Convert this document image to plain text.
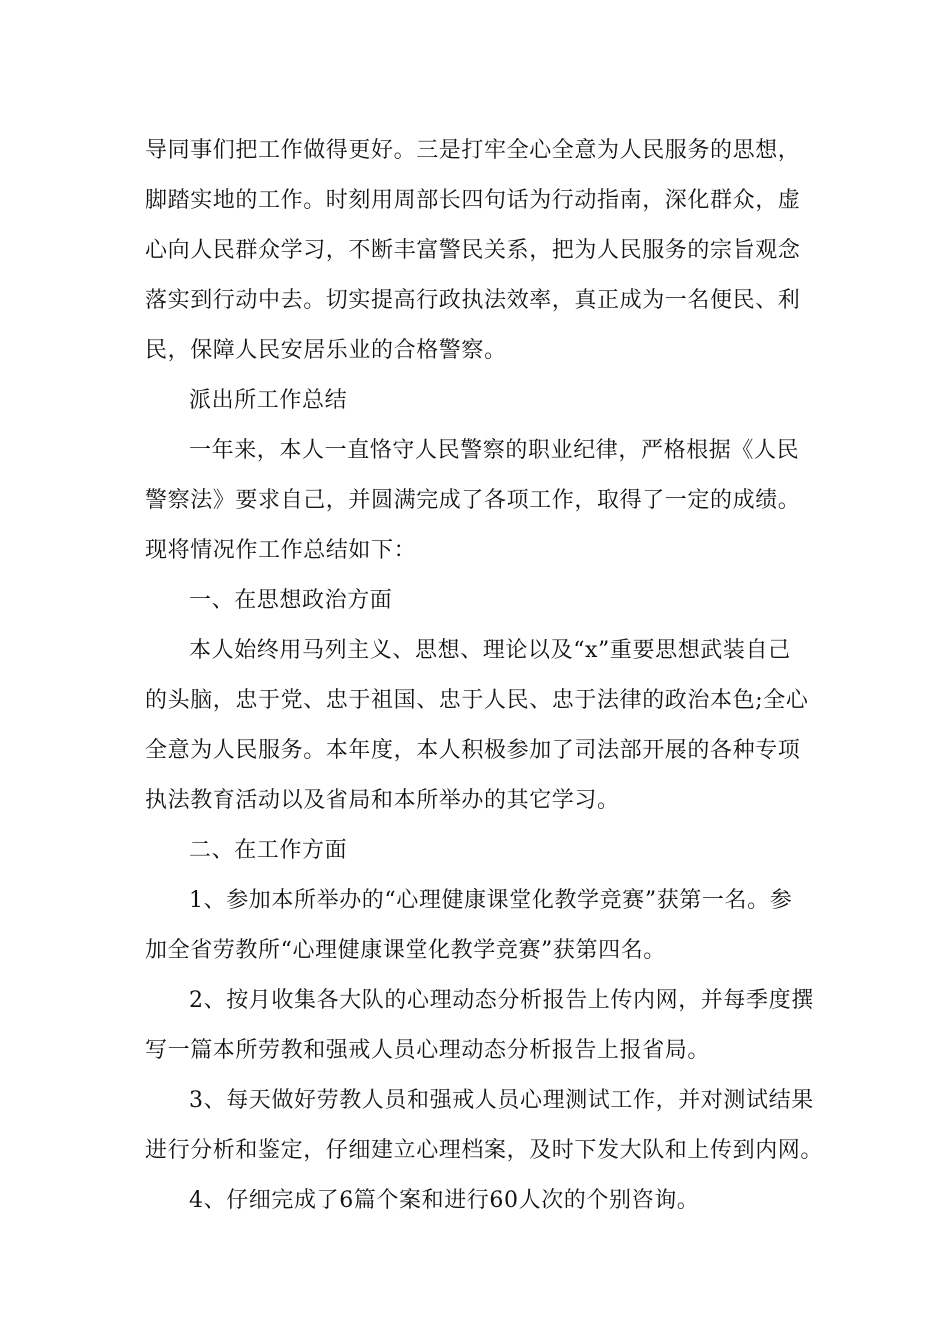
导同事们把工作做得更好。三是打牢全心全意为人民服务的思想，
脚踏实地的工作。时刻用周部长四句话为行动指南，深化群众，虚
心向人民群众学习，不断丰富警民关系，把为人民服务的宗旨观念
落实到行动中去。切实提高行政执法效率，真正成为一名便民、利
民，保障人民安居乐业的合格警察。

派出所工作总结

一年来，本人一直恪守人民警察的职业纪律，严格根据《人民
警察法》要求自己，并圆满完成了各项工作，取得了一定的成绩。
现将情况作工作总结如下：

一、在思想政治方面

本人始终用马列主义、思想、理论以及“x”重要思想武装自己
的头脑，忠于党、忠于祖国、忠于人民、忠于法律的政治本色;全心
全意为人民服务。本年度，本人积极参加了司法部开展的各种专项
执法教育活动以及省局和本所举办的其它学习。

二、在工作方面

1、参加本所举办的“心理健康课堂化教学竞赛”获第一名。参
加全省劳教所“心理健康课堂化教学竞赛”获第四名。

2、按月收集各大队的心理动态分析报告上传内网，并每季度撰
写一篇本所劳教和强戒人员心理动态分析报告上报省局。

3、每天做好劳教人员和强戒人员心理测试工作，并对测试结果
进行分析和鉴定，仔细建立心理档案，及时下发大队和上传到内网。

4、仔细完成了6篇个案和进行60人次的个别咨询。
